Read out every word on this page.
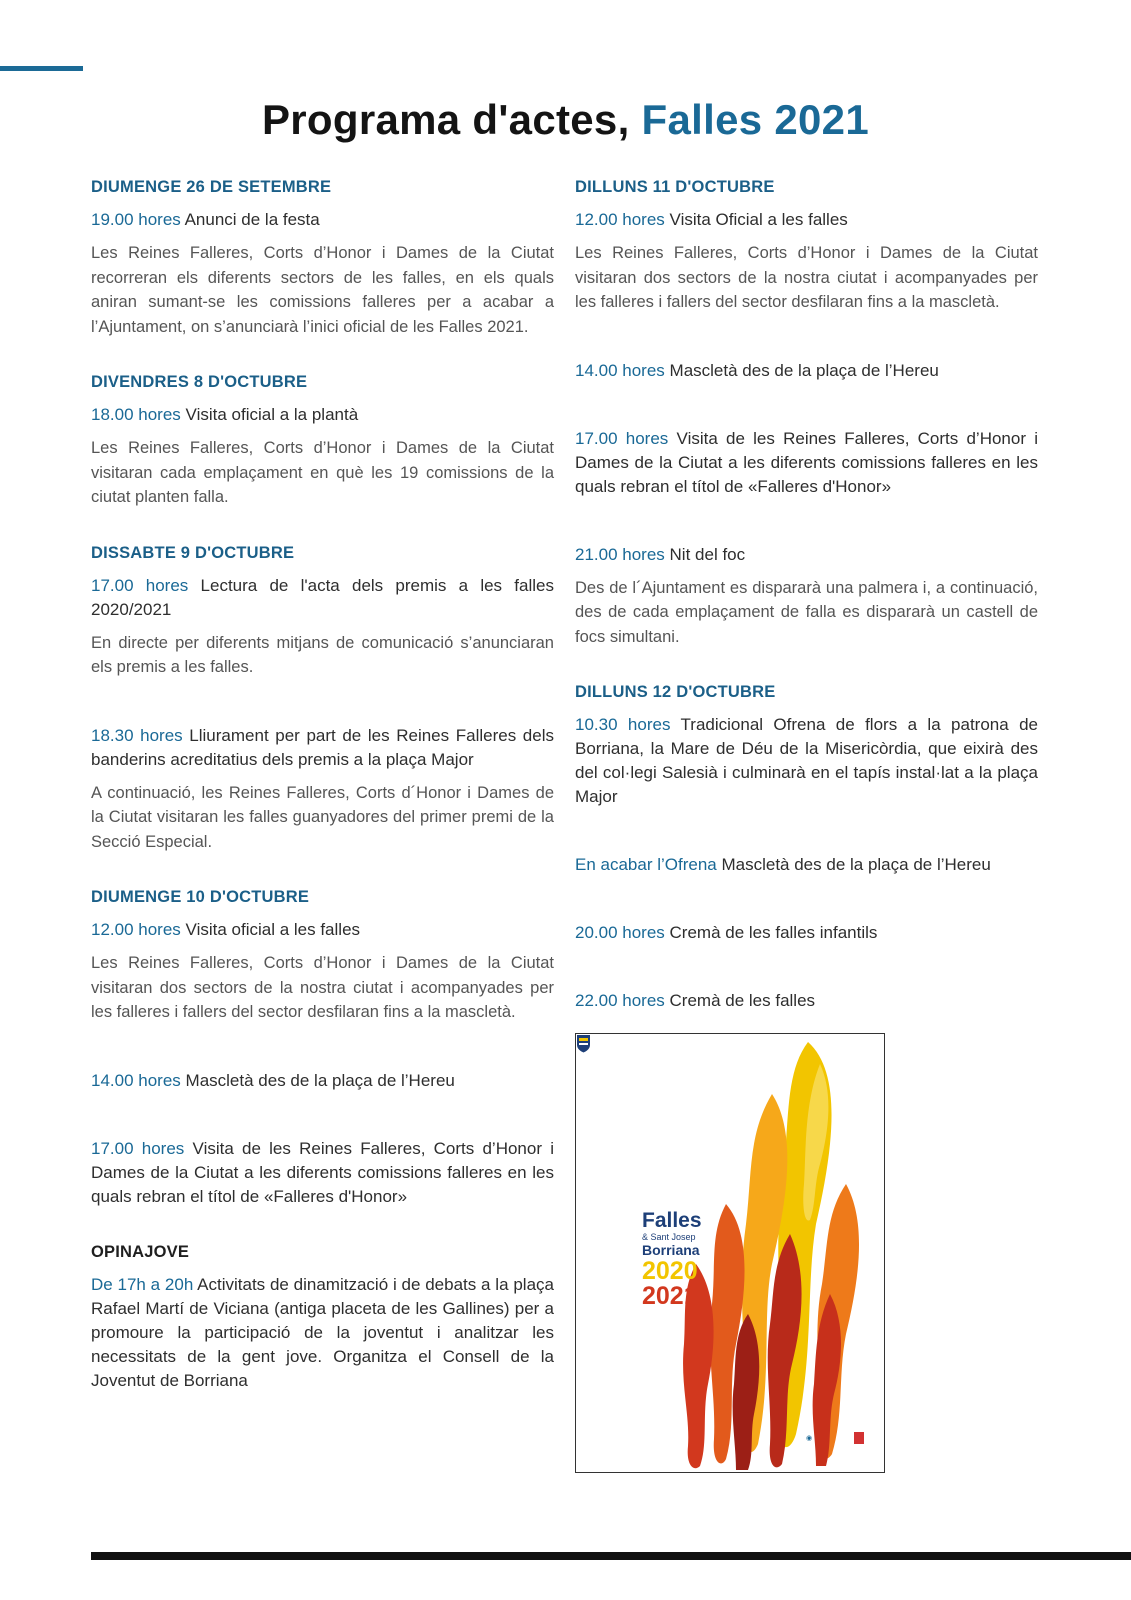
Programa d'actes, Falles 2021
DIUMENGE 26 DE SETEMBRE

19.00 hores Anunci de la festa

Les Reines Falleres, Corts d’Honor i Dames de la Ciutat recorreran els diferents sectors de les falles, en els quals aniran sumant-se les comissions falleres per a acabar a l’Ajuntament, on s’anunciarà l’inici oficial de les Falles 2021.

DIVENDRES 8 D'OCTUBRE

18.00 hores Visita oficial a la plantà

Les Reines Falleres, Corts d’Honor i Dames de la Ciutat visitaran cada emplaçament en què les 19 comissions de la ciutat planten falla.

DISSABTE 9 D'OCTUBRE

17.00 hores Lectura de l'acta dels premis a les falles 2020/2021

En directe per diferents mitjans de comunicació s’anunciaran els premis a les falles.

18.30 hores Lliurament per part de les Reines Falleres dels banderins acreditatius dels premis a la plaça Major

A continuació, les Reines Falleres, Corts d´Honor i Dames de la Ciutat visitaran les falles guanyadores del primer premi de la Secció Especial.

DIUMENGE 10 D'OCTUBRE

12.00 hores Visita oficial a les falles

Les Reines Falleres, Corts d’Honor i Dames de la Ciutat visitaran dos sectors de la nostra ciutat i acompanyades per les falleres i fallers del sector desfilaran fins a la mascletà.

14.00 hores Mascletà des de la plaça de l’Hereu

17.00 hores Visita de les Reines Falleres, Corts d’Honor i Dames de la Ciutat a les diferents comissions falleres en les quals rebran el títol de «Falleres d'Honor»

OPINAJOVE

De 17h a 20h Activitats de dinamització i de debats a la plaça Rafael Martí de Viciana (antiga placeta de les Gallines) per a promoure la participació de la joventut i analitzar les necessitats de la gent jove. Organitza el Consell de la Joventut de Borriana

DILLUNS 11 D'OCTUBRE

12.00 hores Visita Oficial a les falles

Les Reines Falleres, Corts d’Honor i Dames de la Ciutat visitaran dos sectors de la nostra ciutat i acompanyades per les falleres i fallers del sector desfilaran fins a la mascletà.

14.00 hores Mascletà des de la plaça de l’Hereu

17.00 hores Visita de les Reines Falleres, Corts d’Honor i Dames de la Ciutat a les diferents comissions falleres en les quals rebran el títol de «Falleres d'Honor»

21.00 hores Nit del foc

Des de l´Ajuntament es dispararà una palmera i, a continuació, des de cada emplaçament de falla es dispararà un castell de focs simultani.

DILLUNS 12 D'OCTUBRE

10.30 hores Tradicional Ofrena de flors a la patrona de Borriana, la Mare de Déu de la Misericòrdia, que eixirà des del col·legi Salesià i culminarà en el tapís instal·lat a la plaça Major

En acabar l’Ofrena Mascletà des de la plaça de l’Hereu

20.00 hores Cremà de les falles infantils

22.00 hores Cremà de les falles

Falles
& Sant Josep
Borriana
2020
2021
◉
